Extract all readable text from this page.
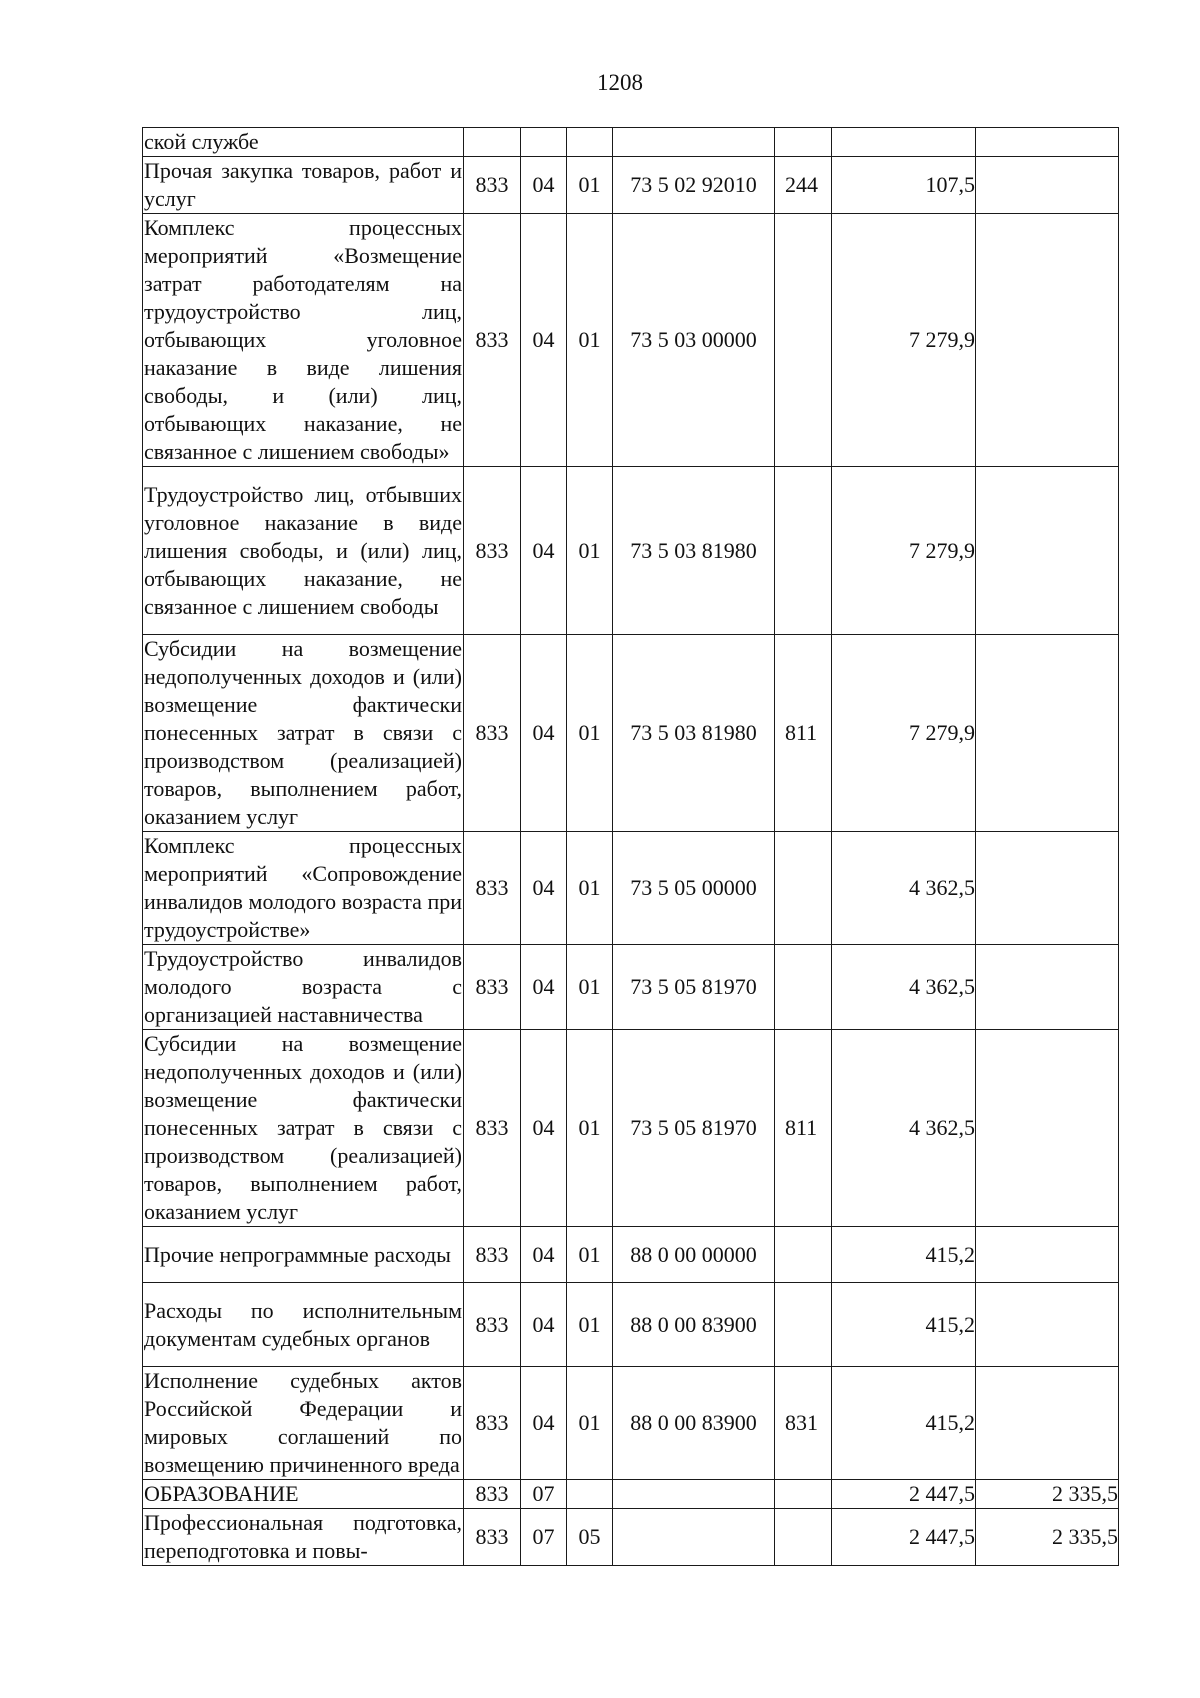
1208
ской службе							
Прочая закупка товаров, работ и услуг	833	04	01	73 5 02 92010	244	107,5	
Комплекс процессных мероприятий «Возмещение затрат работодателям на трудоустройство лиц, отбывающих уголовное наказание в виде лишения свободы, и (или) лиц, отбывающих наказание, не связанное с лишением свободы»	833	04	01	73 5 03 00000		7 279,9	
Трудоустройство лиц, отбывших уголовное наказание в виде лишения свободы, и (или) лиц, отбывающих наказание, не связанное с лишением свободы	833	04	01	73 5 03 81980		7 279,9	
Субсидии на возмещение недополученных доходов и (или) возмещение фактически понесенных затрат в связи с производством (реализацией) товаров, выполнением работ, оказанием услуг	833	04	01	73 5 03 81980	811	7 279,9	
Комплекс процессных мероприятий «Сопровождение инвалидов молодого возраста при трудоустройстве»	833	04	01	73 5 05 00000		4 362,5	
Трудоустройство инвалидов молодого возраста с организацией наставничества	833	04	01	73 5 05 81970		4 362,5	
Субсидии на возмещение недополученных доходов и (или) возмещение фактически понесенных затрат в связи с производством (реализацией) товаров, выполнением работ, оказанием услуг	833	04	01	73 5 05 81970	811	4 362,5	
Прочие непрограммные расходы	833	04	01	88 0 00 00000		415,2	
Расходы по исполнительным документам судебных органов	833	04	01	88 0 00 83900		415,2	
Исполнение судебных актов Российской Федерации и мировых соглашений по возмещению причиненного вреда	833	04	01	88 0 00 83900	831	415,2	
ОБРАЗОВАНИЕ	833	07				2 447,5	2 335,5
Профессиональная подготовка, переподготовка и повы-	833	07	05			2 447,5	2 335,5
